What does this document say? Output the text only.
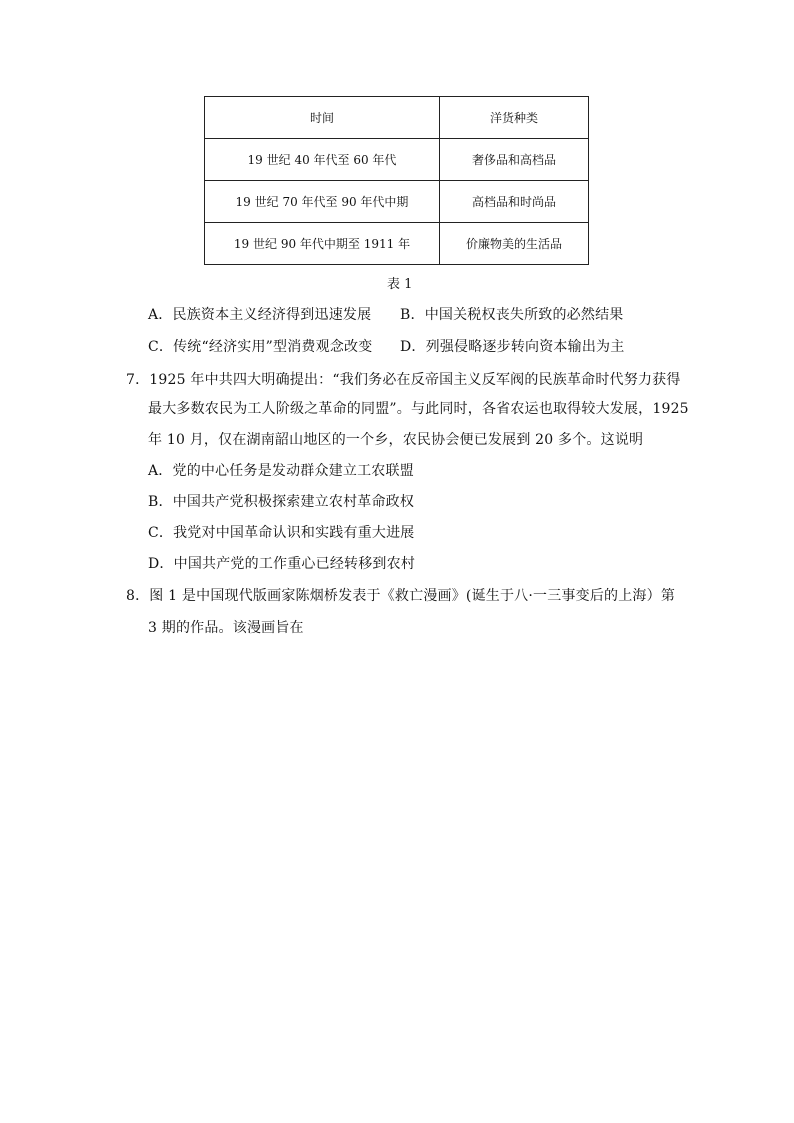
时间	洋货种类
19 世纪 40 年代至 60 年代	奢侈品和高档品
19 世纪 70 年代至 90 年代中期	高档品和时尚品
19 世纪 90 年代中期至 1911 年	价廉物美的生活品
表 1
A．民族资本主义经济得到迅速发展 B．中国关税权丧失所致的必然结果
C．传统“经济实用”型消费观念改变 D．列强侵略逐步转向资本输出为主
7．1925 年中共四大明确提出：“我们务必在反帝国主义反军阀的民族革命时代努力获得
最大多数农民为工人阶级之革命的同盟”。与此同时，各省农运也取得较大发展，1925
年 10 月，仅在湖南韶山地区的一个乡，农民协会便已发展到 20 多个。这说明
A．党的中心任务是发动群众建立工农联盟
B．中国共产党积极探索建立农村革命政权
C．我党对中国革命认识和实践有重大进展
D．中国共产党的工作重心已经转移到农村
8．图 1 是中国现代版画家陈烟桥发表于《救亡漫画》(诞生于八·一三事变后的上海）第
3 期的作品。该漫画旨在
